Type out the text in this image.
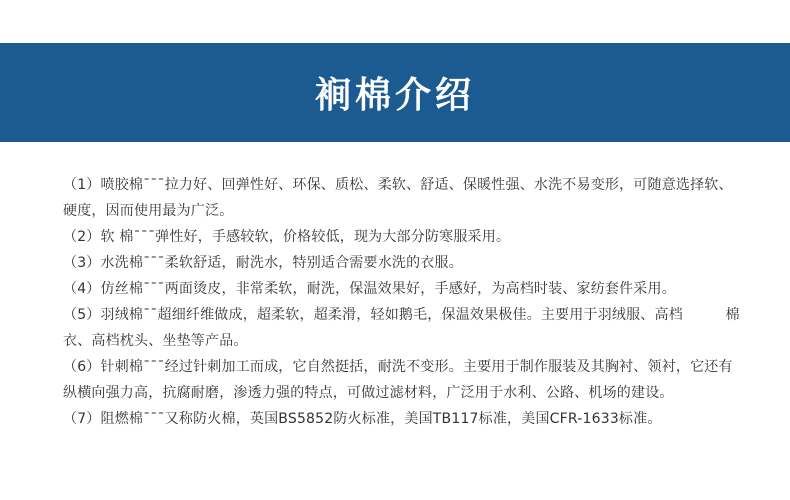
裥棉介绍

（1）喷胶棉¯¯¯拉力好、回弹性好、环保、质松、柔软、舒适、保暖性强、水洗不易变形，可随意选择软、硬度，因而使用最为广泛。

（2）软 棉¯¯¯弹性好，手感较软，价格较低，现为大部分防寒服采用。

（3）水洗棉¯¯¯柔软舒适，耐洗水，特别适合需要水洗的衣服。

（4）仿丝棉¯¯¯两面烫皮，非常柔软，耐洗，保温效果好，手感好，为高档时装、家纺套件采用。

（5）羽绒棉¯¯超细纤维做成，超柔软，超柔滑，轻如鹅毛，保温效果极佳。主要用于羽绒服、高档　　　棉衣、高档枕头、坐垫等产品。

（6）针刺棉¯¯¯经过针刺加工而成，它自然挺括，耐洗不变形。主要用于制作服装及其胸衬、领衬，它还有纵横向强力高，抗腐耐磨，渗透力强的特点，可做过滤材料，广泛用于水利、公路、机场的建设。

（7）阻燃棉¯¯¯又称防火棉，英国BS5852防火标准，美国TB117标准，美国CFR-1633标准。
